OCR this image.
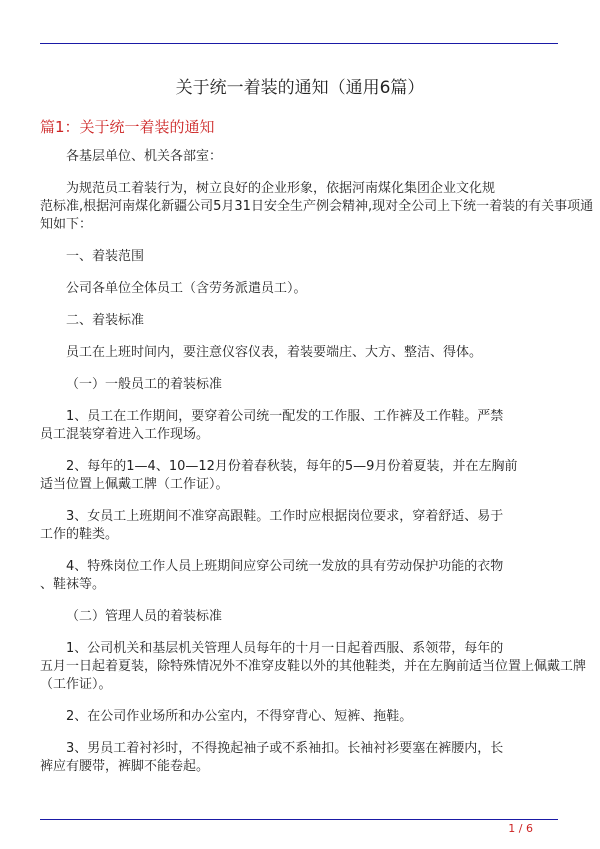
关于统一着装的通知（通用6篇）
篇1：关于统一着装的通知
各基层单位、机关各部室：
为规范员工着装行为，树立良好的企业形象，依据河南煤化集团企业文化规
范标准,根据河南煤化新疆公司5月31日安全生产例会精神,现对全公司上下统一着装的有关事项通
知如下：
一、着装范围
公司各单位全体员工（含劳务派遣员工）。
二、着装标准
员工在上班时间内，要注意仪容仪表，着装要端庄、大方、整洁、得体。
（一）一般员工的着装标准
1、员工在工作期间，要穿着公司统一配发的工作服、工作裤及工作鞋。严禁
员工混装穿着进入工作现场。
2、每年的1—4、10—12月份着春秋装，每年的5—9月份着夏装，并在左胸前
适当位置上佩戴工牌（工作证）。
3、女员工上班期间不准穿高跟鞋。工作时应根据岗位要求，穿着舒适、易于
工作的鞋类。
4、特殊岗位工作人员上班期间应穿公司统一发放的具有劳动保护功能的衣物
、鞋袜等。
（二）管理人员的着装标准
1、公司机关和基层机关管理人员每年的十月一日起着西服、系领带，每年的
五月一日起着夏装，除特殊情况外不准穿皮鞋以外的其他鞋类，并在左胸前适当位置上佩戴工牌
（工作证）。
2、在公司作业场所和办公室内，不得穿背心、短裤、拖鞋。
3、男员工着衬衫时，不得挽起袖子或不系袖扣。长袖衬衫要塞在裤腰内，长
裤应有腰带，裤脚不能卷起。
1 / 6
